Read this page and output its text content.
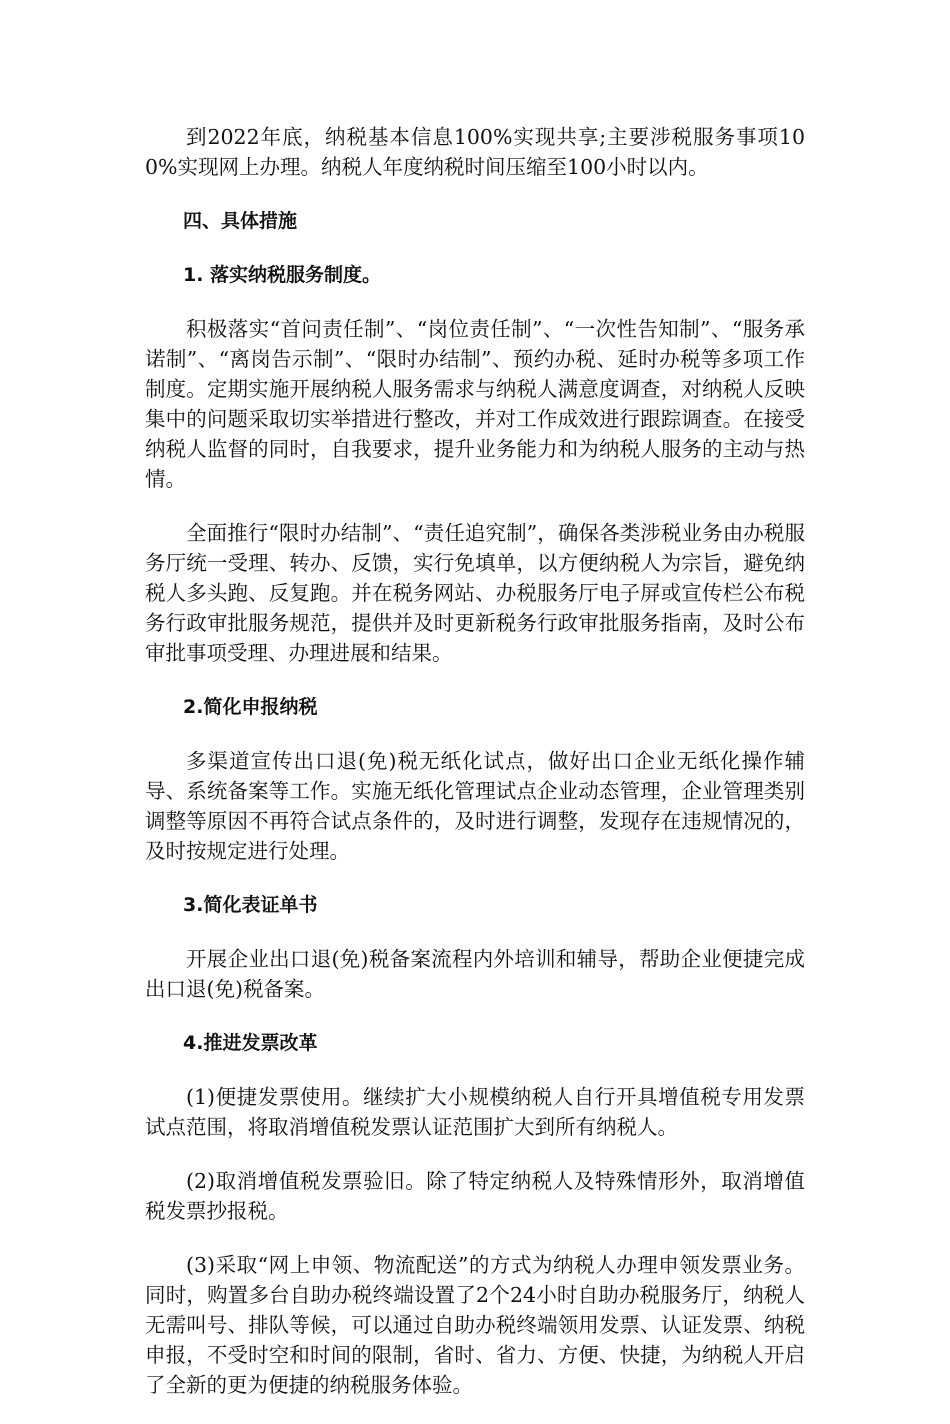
到2022年底，纳税基本信息100%实现共享;主要涉税服务事项100%实现网上办理。纳税人年度纳税时间压缩至100小时以内。

四、具体措施

1. 落实纳税服务制度。

积极落实“首问责任制”、“岗位责任制”、“一次性告知制”、“服务承诺制”、“离岗告示制”、“限时办结制”、预约办税、延时办税等多项工作制度。定期实施开展纳税人服务需求与纳税人满意度调查，对纳税人反映集中的问题采取切实举措进行整改，并对工作成效进行跟踪调查。在接受纳税人监督的同时，自我要求，提升业务能力和为纳税人服务的主动与热情。

全面推行“限时办结制”、“责任追究制”，确保各类涉税业务由办税服务厅统一受理、转办、反馈，实行免填单，以方便纳税人为宗旨，避免纳税人多头跑、反复跑。并在税务网站、办税服务厅电子屏或宣传栏公布税务行政审批服务规范，提供并及时更新税务行政审批服务指南，及时公布审批事项受理、办理进展和结果。

2.简化申报纳税

多渠道宣传出口退(免)税无纸化试点，做好出口企业无纸化操作辅导、系统备案等工作。实施无纸化管理试点企业动态管理，企业管理类别调整等原因不再符合试点条件的，及时进行调整，发现存在违规情况的，及时按规定进行处理。

3.简化表证单书

开展企业出口退(免)税备案流程内外培训和辅导，帮助企业便捷完成出口退(免)税备案。

4.推进发票改革

(1)便捷发票使用。继续扩大小规模纳税人自行开具增值税专用发票试点范围，将取消增值税发票认证范围扩大到所有纳税人。

(2)取消增值税发票验旧。除了特定纳税人及特殊情形外，取消增值税发票抄报税。

(3)采取“网上申领、物流配送”的方式为纳税人办理申领发票业务。同时，购置多台自助办税终端设置了2个24小时自助办税服务厅，纳税人无需叫号、排队等候，可以通过自助办税终端领用发票、认证发票、纳税申报，不受时空和时间的限制，省时、省力、方便、快捷，为纳税人开启了全新的更为便捷的纳税服务体验。
